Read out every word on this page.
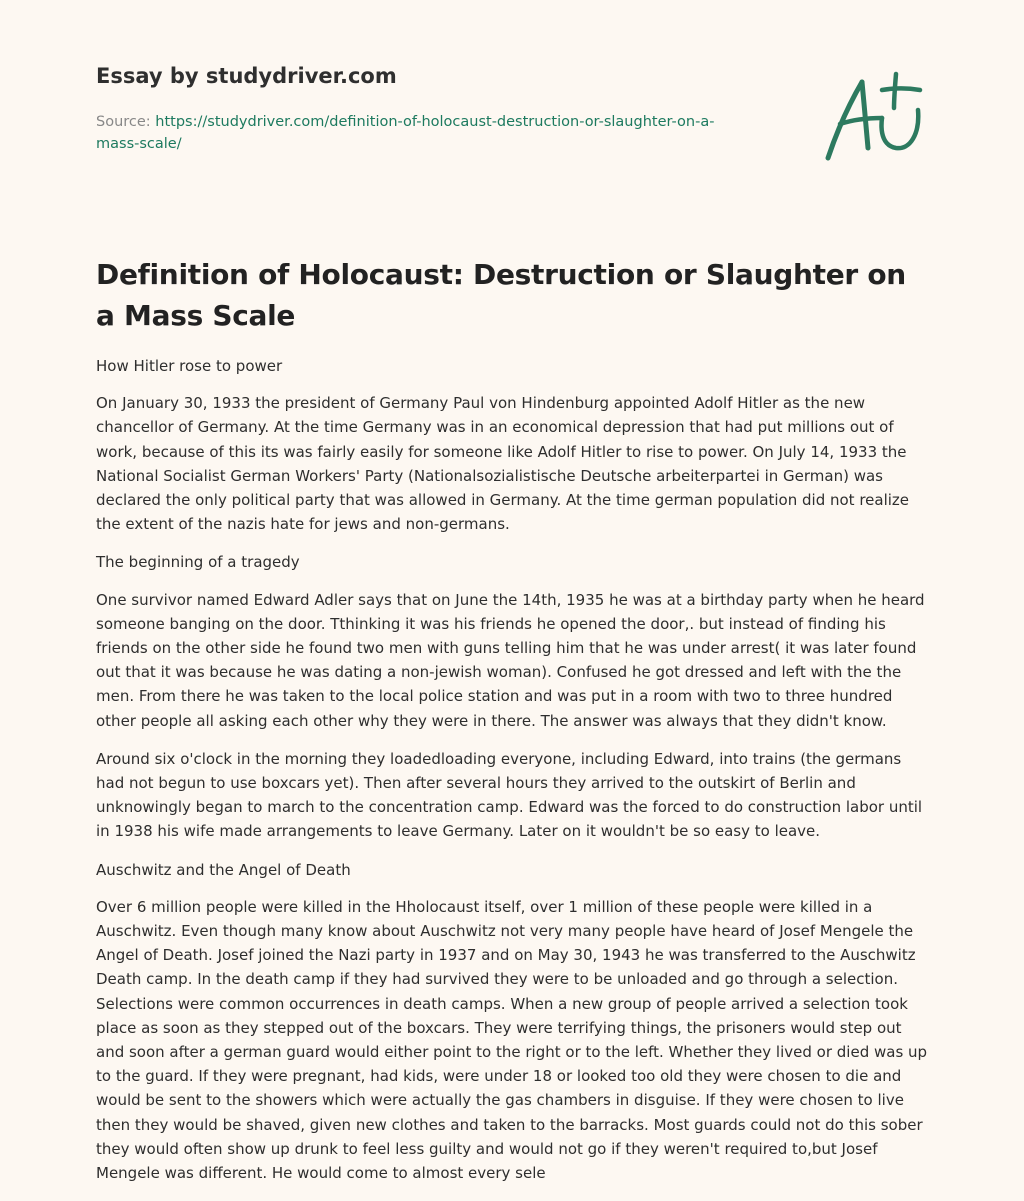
Essay by studydriver.com
Source: https://studydriver.com/definition-of-holocaust-destruction-or-slaughter-on-a-mass-scale/
Definition of Holocaust: Destruction or Slaughter on a Mass Scale

How Hitler rose to power

On January 30, 1933 the president of Germany Paul von Hindenburg appointed Adolf Hitler as the new chancellor of Germany. At the time Germany was in an economical depression that had put millions out of work, because of this its was fairly easily for someone like Adolf Hitler to rise to power. On July 14, 1933 the National Socialist German Workers' Party (Nationalsozialistische Deutsche arbeiterpartei in German) was declared the only political party that was allowed in Germany. At the time german population did not realize the extent of the nazis hate for jews and non-germans.

The beginning of a tragedy

One survivor named Edward Adler says that on June the 14th, 1935 he was at a birthday party when he heard someone banging on the door. Tthinking it was his friends he opened the door,. but instead of finding his friends on the other side he found two men with guns telling him that he was under arrest( it was later found out that it was because he was dating a non-jewish woman). Confused he got dressed and left with the the men. From there he was taken to the local police station and was put in a room with two to three hundred other people all asking each other why they were in there. The answer was always that they didn't know.

Around six o'clock in the morning they loadedloading everyone, including Edward, into trains (the germans had not begun to use boxcars yet). Then after several hours they arrived to the outskirt of Berlin and unknowingly began to march to the concentration camp. Edward was the forced to do construction labor until in 1938 his wife made arrangements to leave Germany. Later on it wouldn't be so easy to leave.

Auschwitz and the Angel of Death

Over 6 million people were killed in the Hholocaust itself, over 1 million of these people were killed in a Auschwitz. Even though many know about Auschwitz not very many people have heard of Josef Mengele the Angel of Death. Josef joined the Nazi party in 1937 and on May 30, 1943 he was transferred to the Auschwitz Death camp. In the death camp if they had survived they were to be unloaded and go through a selection. Selections were common occurrences in death camps. When a new group of people arrived a selection took place as soon as they stepped out of the boxcars. They were terrifying things, the prisoners would step out and soon after a german guard would either point to the right or to the left. Whether they lived or died was up to the guard. If they were pregnant, had kids, were under 18 or looked too old they were chosen to die and would be sent to the showers which were actually the gas chambers in disguise. If they were chosen to live then they would be shaved, given new clothes and taken to the barracks. Most guards could not do this sober they would often show up drunk to feel less guilty and would not go if they weren't required to,but Josef Mengele was different. He would come to almost every sele
